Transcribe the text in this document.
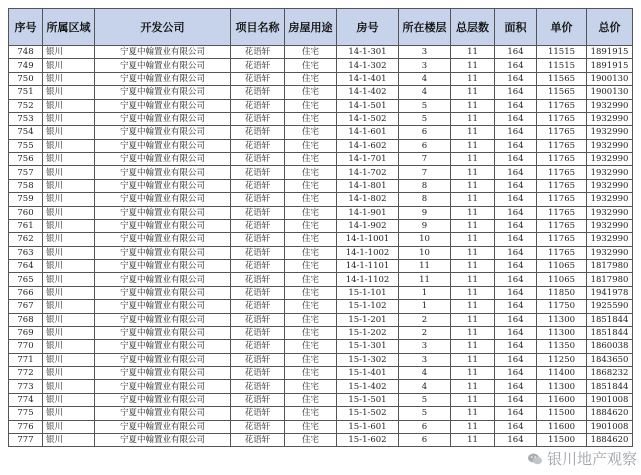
序号	所属区域	开发公司	项目名称	房屋用途	房号	所在楼层	总层数	面积	单价	总价
748	银川	宁夏中翰置业有限公司	花语轩	住宅	14-1-301	3	11	164	11515	1891915
749	银川	宁夏中翰置业有限公司	花语轩	住宅	14-1-302	3	11	164	11515	1891915
750	银川	宁夏中翰置业有限公司	花语轩	住宅	14-1-401	4	11	164	11565	1900130
751	银川	宁夏中翰置业有限公司	花语轩	住宅	14-1-402	4	11	164	11565	1900130
752	银川	宁夏中翰置业有限公司	花语轩	住宅	14-1-501	5	11	164	11765	1932990
753	银川	宁夏中翰置业有限公司	花语轩	住宅	14-1-502	5	11	164	11765	1932990
754	银川	宁夏中翰置业有限公司	花语轩	住宅	14-1-601	6	11	164	11765	1932990
755	银川	宁夏中翰置业有限公司	花语轩	住宅	14-1-602	6	11	164	11765	1932990
756	银川	宁夏中翰置业有限公司	花语轩	住宅	14-1-701	7	11	164	11765	1932990
757	银川	宁夏中翰置业有限公司	花语轩	住宅	14-1-702	7	11	164	11765	1932990
758	银川	宁夏中翰置业有限公司	花语轩	住宅	14-1-801	8	11	164	11765	1932990
759	银川	宁夏中翰置业有限公司	花语轩	住宅	14-1-802	8	11	164	11765	1932990
760	银川	宁夏中翰置业有限公司	花语轩	住宅	14-1-901	9	11	164	11765	1932990
761	银川	宁夏中翰置业有限公司	花语轩	住宅	14-1-902	9	11	164	11765	1932990
762	银川	宁夏中翰置业有限公司	花语轩	住宅	14-1-1001	10	11	164	11765	1932990
763	银川	宁夏中翰置业有限公司	花语轩	住宅	14-1-1002	10	11	164	11765	1932990
764	银川	宁夏中翰置业有限公司	花语轩	住宅	14-1-1101	11	11	164	11065	1817980
765	银川	宁夏中翰置业有限公司	花语轩	住宅	14-1-1102	11	11	164	11065	1817980
766	银川	宁夏中翰置业有限公司	花语轩	住宅	15-1-101	1	11	164	11850	1941978
767	银川	宁夏中翰置业有限公司	花语轩	住宅	15-1-102	1	11	164	11750	1925590
768	银川	宁夏中翰置业有限公司	花语轩	住宅	15-1-201	2	11	164	11300	1851844
769	银川	宁夏中翰置业有限公司	花语轩	住宅	15-1-202	2	11	164	11300	1851844
770	银川	宁夏中翰置业有限公司	花语轩	住宅	15-1-301	3	11	164	11350	1860038
771	银川	宁夏中翰置业有限公司	花语轩	住宅	15-1-302	3	11	164	11250	1843650
772	银川	宁夏中翰置业有限公司	花语轩	住宅	15-1-401	4	11	164	11400	1868232
773	银川	宁夏中翰置业有限公司	花语轩	住宅	15-1-402	4	11	164	11300	1851844
774	银川	宁夏中翰置业有限公司	花语轩	住宅	15-1-501	5	11	164	11600	1901008
775	银川	宁夏中翰置业有限公司	花语轩	住宅	15-1-502	5	11	164	11500	1884620
776	银川	宁夏中翰置业有限公司	花语轩	住宅	15-1-601	6	11	164	11600	1901008
777	银川	宁夏中翰置业有限公司	花语轩	住宅	15-1-602	6	11	164	11500	1884620
银川地产观察
